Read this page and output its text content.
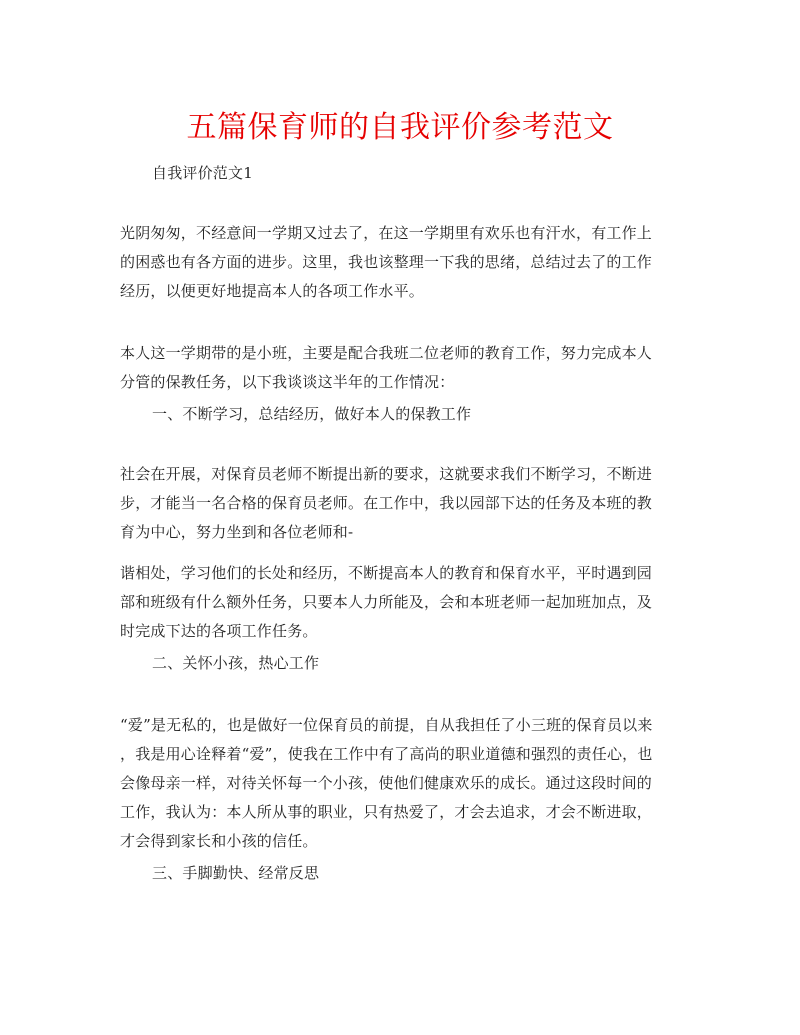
五篇保育师的自我评价参考范文
自我评价范文1
光阴匆匆，不经意间一学期又过去了，在这一学期里有欢乐也有汗水，有工作上
的困惑也有各方面的进步。这里，我也该整理一下我的思绪，总结过去了的工作
经历，以便更好地提高本人的各项工作水平。
本人这一学期带的是小班，主要是配合我班二位老师的教育工作，努力完成本人
分管的保教任务，以下我谈谈这半年的工作情况：
一、不断学习，总结经历，做好本人的保教工作
社会在开展，对保育员老师不断提出新的要求，这就要求我们不断学习，不断进
步，才能当一名合格的保育员老师。在工作中，我以园部下达的任务及本班的教
育为中心，努力坐到和各位老师和-
谐相处，学习他们的长处和经历，不断提高本人的教育和保育水平，平时遇到园
部和班级有什么额外任务，只要本人力所能及，会和本班老师一起加班加点，及
时完成下达的各项工作任务。
二、关怀小孩，热心工作
“爱”是无私的，也是做好一位保育员的前提，自从我担任了小三班的保育员以来
，我是用心诠释着“爱”，使我在工作中有了高尚的职业道德和强烈的责任心，也
会像母亲一样，对待关怀每一个小孩，使他们健康欢乐的成长。通过这段时间的
工作，我认为：本人所从事的职业，只有热爱了，才会去追求，才会不断进取，
才会得到家长和小孩的信任。
三、手脚勤快、经常反思
